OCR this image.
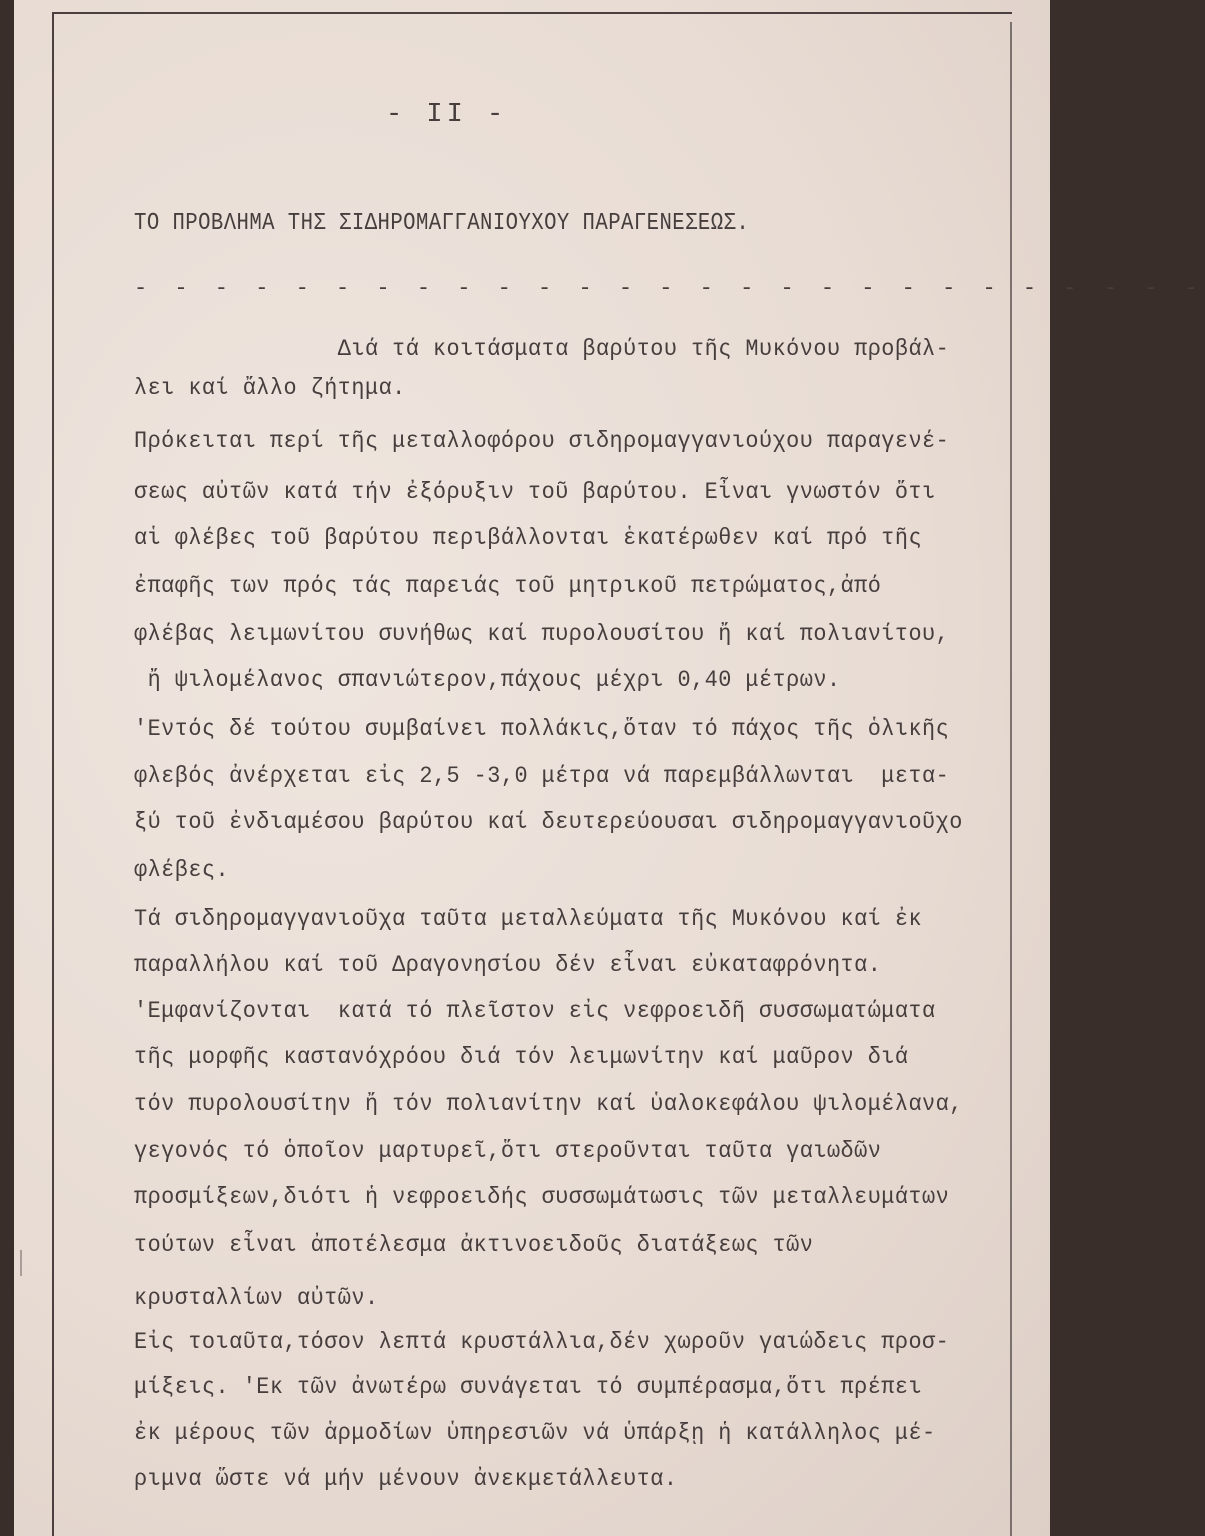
- II -
ΤΟ ΠΡΟΒΛΗΜΑ ΤΗΣ ΣΙΔΗΡΟΜΑΓΓΑΝΙΟΥΧΟΥ ΠΑΡΑΓΕΝΕΣΕΩΣ.
- - - - - - - - - - - - - - - - - - - - - - - - - - -
Διά τά κοιτάσματα βαρύτου τῆς Μυκόνου προβάλ-
λει καί ἄλλο ζήτημα.
Πρόκειται περί τῆς μεταλλοφόρου σιδηρομαγγανιούχου παραγενέ-
σεως αὐτῶν κατά τήν ἐξόρυξιν τοῦ βαρύτου. Εἶναι γνωστόν ὅτι
αἱ φλέβες τοῦ βαρύτου περιβάλλονται ἑκατέρωθεν καί πρό τῆς
ἐπαφῆς των πρός τάς παρειάς τοῦ μητρικοῦ πετρώματος,ἀπό
φλέβας λειμωνίτου συνήθως καί πυρολουσίτου ἤ καί πολιανίτου,
ἤ ψιλομέλανος σπανιώτερον,πάχους μέχρι 0,40 μέτρων.
'Εντός δέ τούτου συμβαίνει πολλάκις,ὅταν τό πάχος τῆς ὁλικῆς
φλεβός ἀνέρχεται εἰς 2,5 -3,0 μέτρα νά παρεμβάλλωνται  μετα-
ξύ τοῦ ἐνδιαμέσου βαρύτου καί δευτερεύουσαι σιδηρομαγγανιοῦχο
φλέβες.
Τά σιδηρομαγγανιοῦχα ταῦτα μεταλλεύματα τῆς Μυκόνου καί ἐκ
παραλλήλου καί τοῦ Δραγονησίου δέν εἶναι εὐκαταφρόνητα.
'Εμφανίζονται  κατά τό πλεῖστον εἰς νεφροειδῆ συσσωματώματα
τῆς μορφῆς καστανόχρόου διά τόν λειμωνίτην καί μαῦρον διά
τόν πυρολουσίτην ἤ τόν πολιανίτην καί ὑαλοκεφάλου ψιλομέλανα,
γεγονός τό ὁποῖον μαρτυρεῖ,ὅτι στεροῦνται ταῦτα γαιωδῶν
προσμίξεων,διότι ἡ νεφροειδής συσσωμάτωσις τῶν μεταλλευμάτων
τούτων εἶναι ἀποτέλεσμα ἀκτινοειδοῦς διατάξεως τῶν
κρυσταλλίων αὐτῶν.
Εἰς τοιαῦτα,τόσον λεπτά κρυστάλλια,δέν χωροῦν γαιώδεις προσ-
μίξεις. 'Εκ τῶν ἀνωτέρω συνάγεται τό συμπέρασμα,ὅτι πρέπει
ἐκ μέρους τῶν ἁρμοδίων ὑπηρεσιῶν νά ὑπάρξῃ ἡ κατάλληλος μέ-
ριμνα ὥστε νά μήν μένουν ἀνεκμετάλλευτα.
